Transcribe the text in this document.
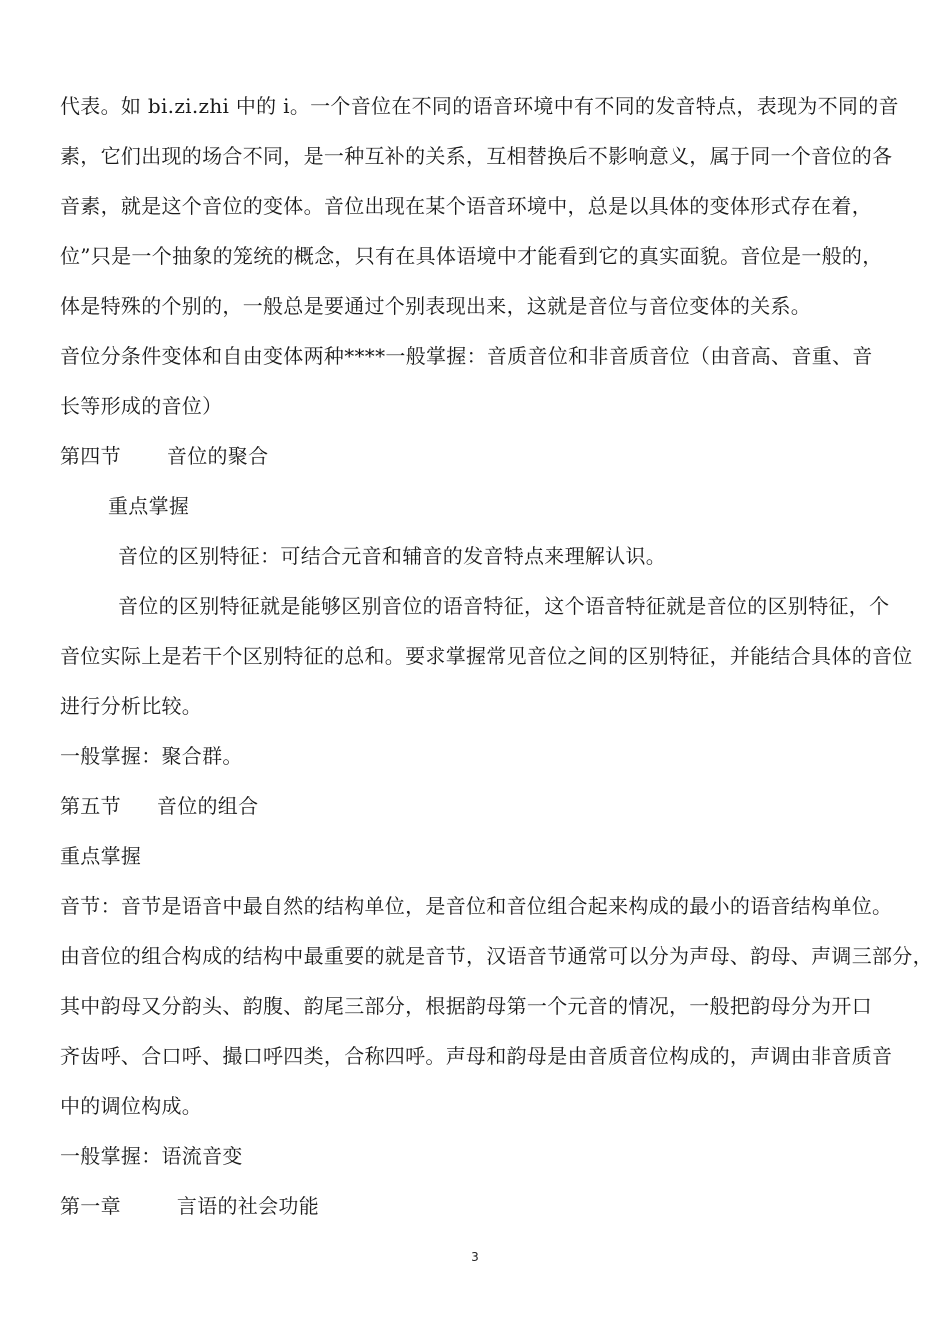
代表。如 bi.zi.zhi 中的 i。一个音位在不同的语音环境中有不同的发音特点，表现为不同的音
素，它们出现的场合不同，是一种互补的关系，互相替换后不影响意义，属于同一个音位的各
音素，就是这个音位的变体。音位出现在某个语音环境中，总是以具体的变体形式存在着，
位”只是一个抽象的笼统的概念，只有在具体语境中才能看到它的真实面貌。音位是一般的，
体是特殊的个别的，一般总是要通过个别表现出来，这就是音位与音位变体的关系。
音位分条件变体和自由变体两种****一般掌握：音质音位和非音质音位（由音高、音重、音
长等形成的音位）
第四节 音位的聚合
重点掌握
音位的区别特征：可结合元音和辅音的发音特点来理解认识。
音位的区别特征就是能够区别音位的语音特征，这个语音特征就是音位的区别特征，个
音位实际上是若干个区别特征的总和。要求掌握常见音位之间的区别特征，并能结合具体的音位
进行分析比较。
一般掌握：聚合群。
第五节 音位的组合
重点掌握
音节：音节是语音中最自然的结构单位，是音位和音位组合起来构成的最小的语音结构单位。
由音位的组合构成的结构中最重要的就是音节，汉语音节通常可以分为声母、韵母、声调三部分，
其中韵母又分韵头、韵腹、韵尾三部分，根据韵母第一个元音的情况，一般把韵母分为开口
齐齿呼、合口呼、撮口呼四类，合称四呼。声母和韵母是由音质音位构成的，声调由非音质音
中的调位构成。
一般掌握：语流音变
第一章	言语的社会功能
3
